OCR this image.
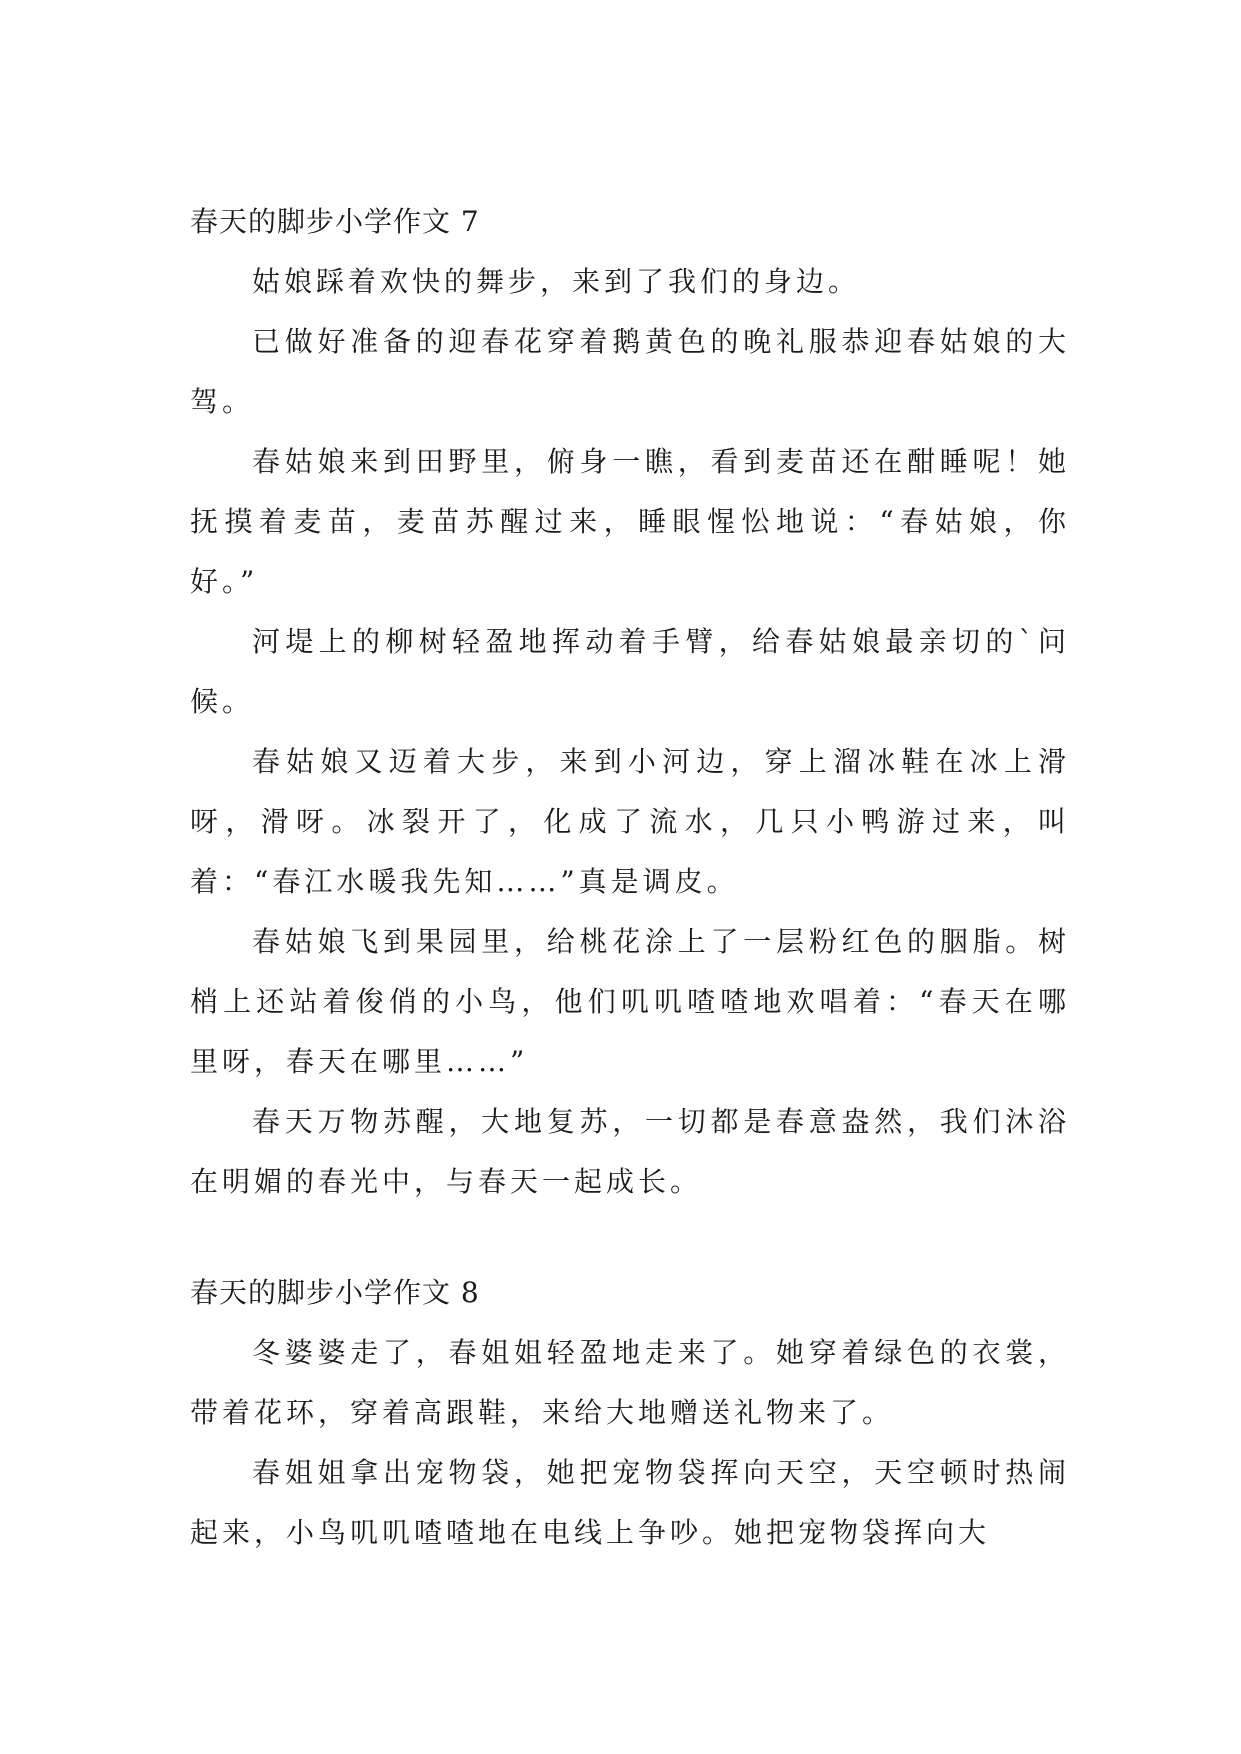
春天的脚步小学作文 7

姑娘踩着欢快的舞步，来到了我们的身边。

已做好准备的迎春花穿着鹅黄色的晚礼服恭迎春姑娘的大驾。

春姑娘来到田野里，俯身一瞧，看到麦苗还在酣睡呢！她抚摸着麦苗，麦苗苏醒过来，睡眼惺忪地说：“春姑娘，你好。”

河堤上的柳树轻盈地挥动着手臂，给春姑娘最亲切的`问候。

春姑娘又迈着大步，来到小河边，穿上溜冰鞋在冰上滑呀，滑呀。冰裂开了，化成了流水，几只小鸭游过来，叫着：“春江水暖我先知……”真是调皮。

春姑娘飞到果园里，给桃花涂上了一层粉红色的胭脂。树梢上还站着俊俏的小鸟，他们叽叽喳喳地欢唱着：“春天在哪里呀，春天在哪里……”

春天万物苏醒，大地复苏，一切都是春意盎然，我们沐浴在明媚的春光中，与春天一起成长。

春天的脚步小学作文 8

冬婆婆走了，春姐姐轻盈地走来了。她穿着绿色的衣裳，带着花环，穿着高跟鞋，来给大地赠送礼物来了。

春姐姐拿出宠物袋，她把宠物袋挥向天空，天空顿时热闹起来，小鸟叽叽喳喳地在电线上争吵。她把宠物袋挥向大
